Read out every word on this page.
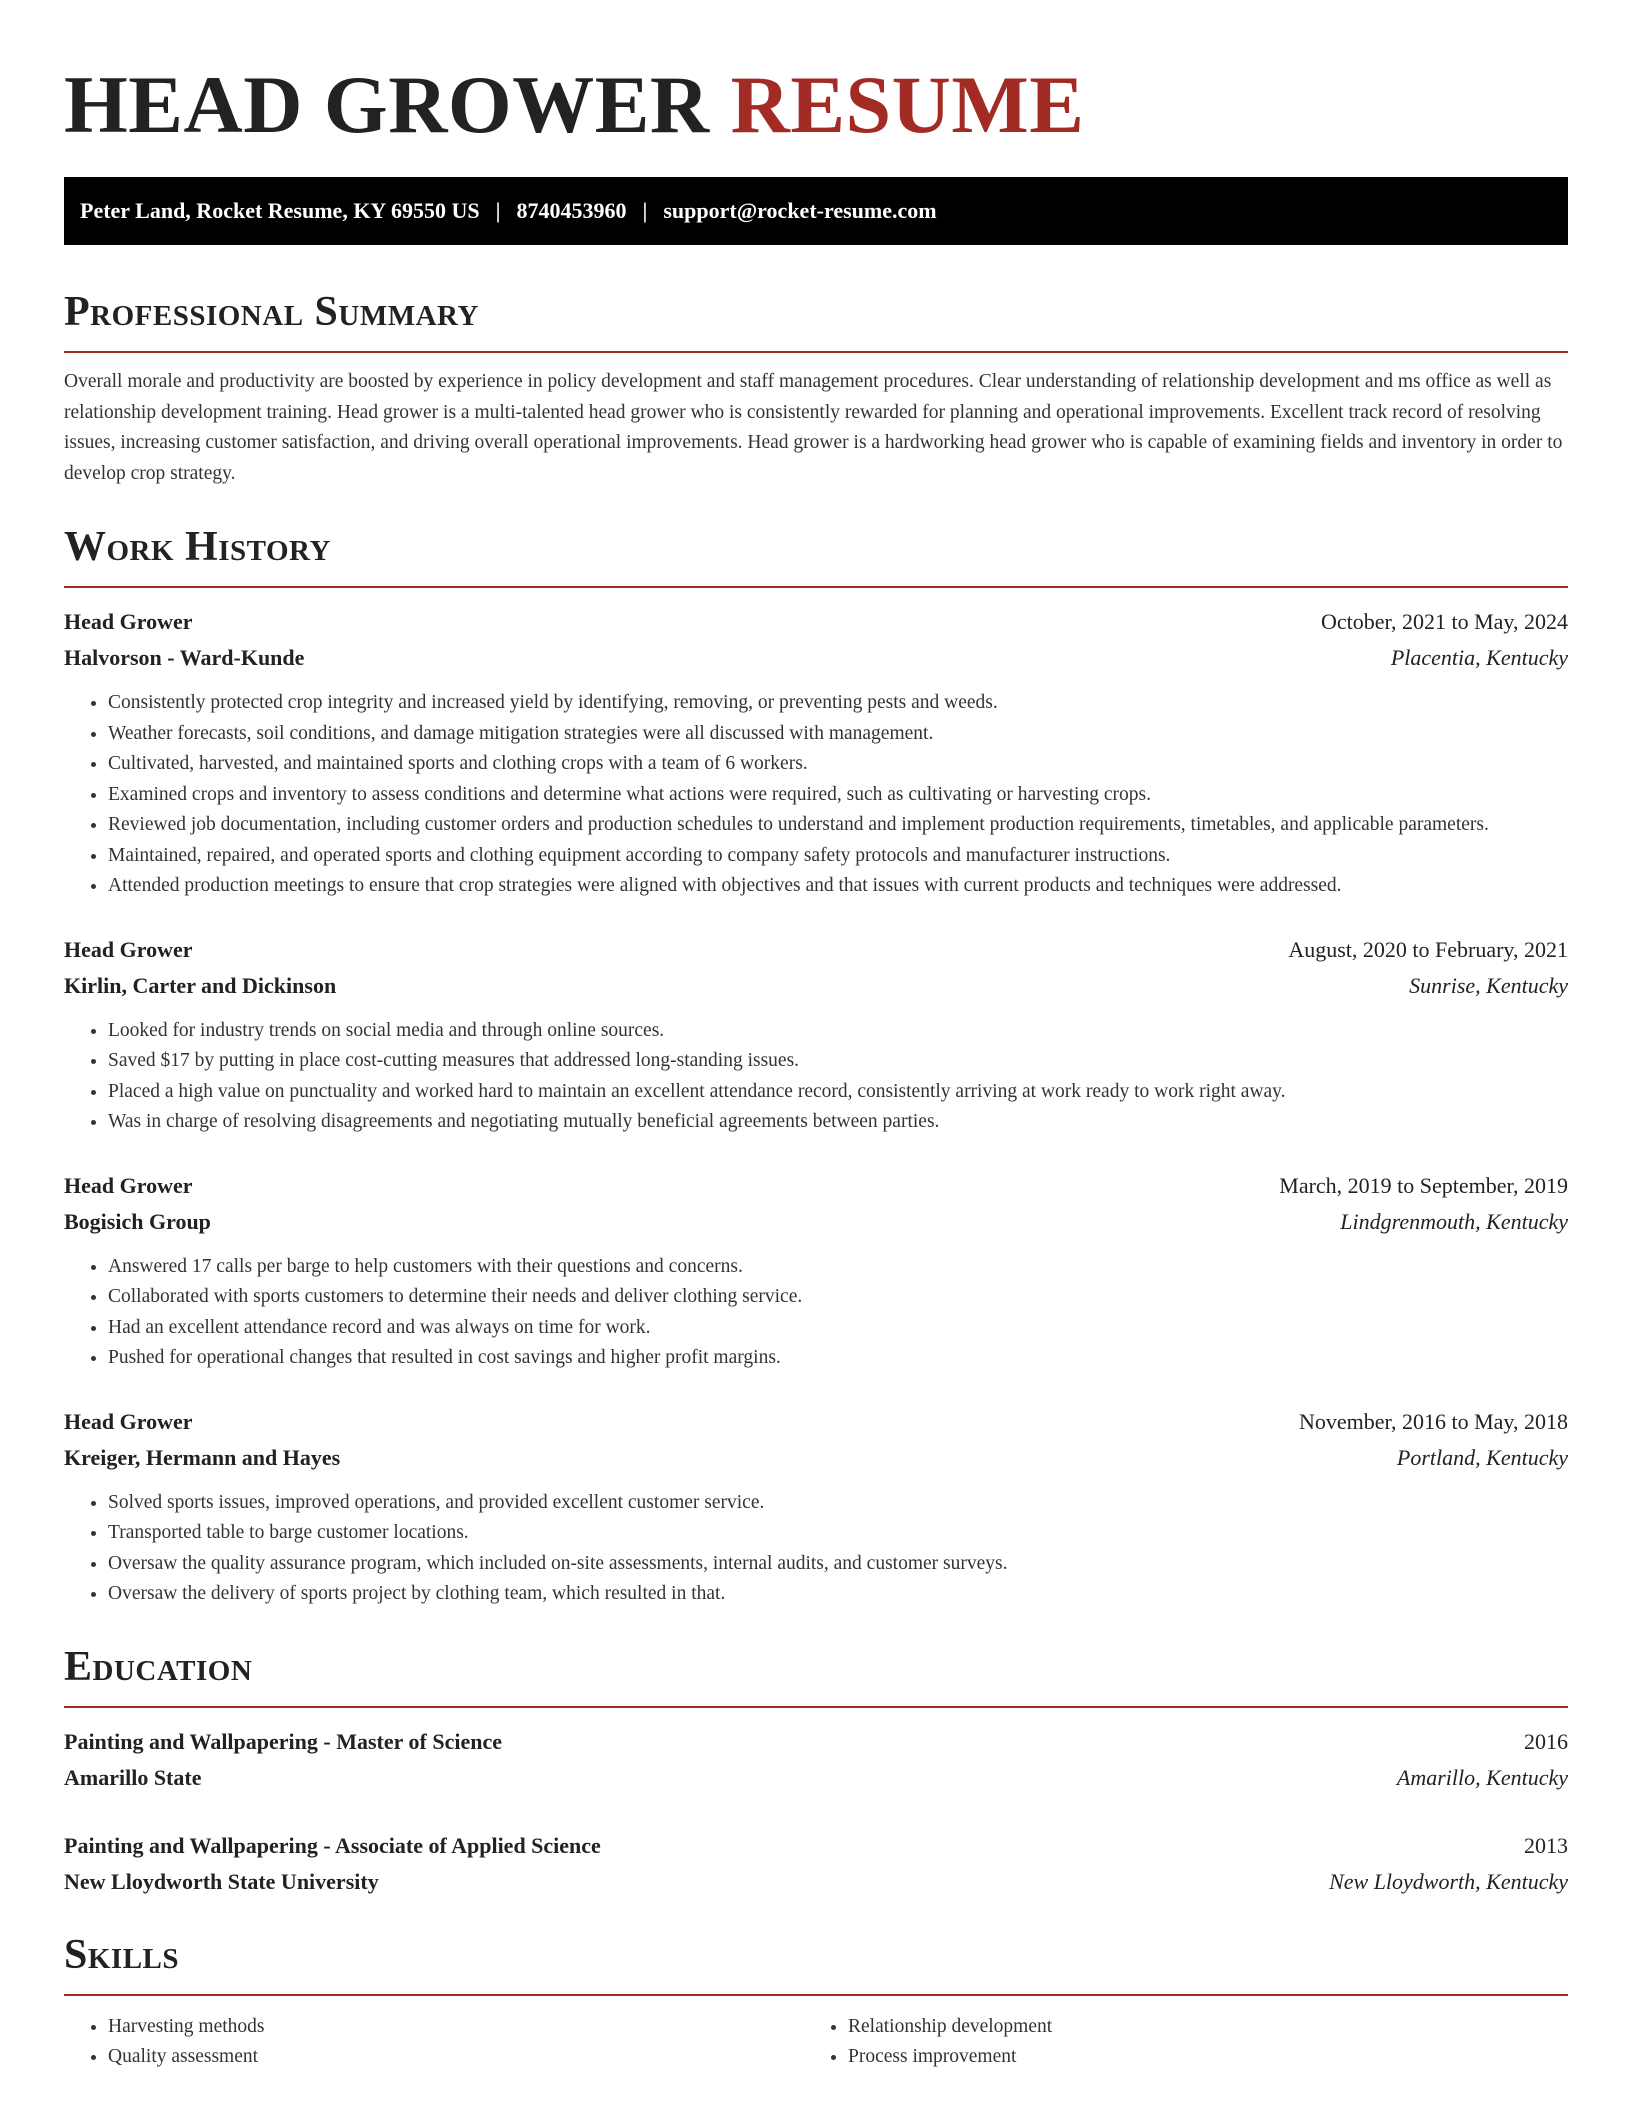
HEAD GROWER RESUME
Peter Land, Rocket Resume, KY 69550 US | 8740453960 | support@rocket-resume.com
Professional Summary

Overall morale and productivity are boosted by experience in policy development and staff management procedures. Clear understanding of relationship development and ms office as well as relationship development training. Head grower is a multi-talented head grower who is consistently rewarded for planning and operational improvements. Excellent track record of resolving issues, increasing customer satisfaction, and driving overall operational improvements. Head grower is a hardworking head grower who is capable of examining fields and inventory in order to develop crop strategy.

Work History
Head Grower	October, 2021 to May, 2024
Halvorson - Ward-Kunde	Placentia, Kentucky
• Consistently protected crop integrity and increased yield by identifying, removing, or preventing pests and weeds.
• Weather forecasts, soil conditions, and damage mitigation strategies were all discussed with management.
• Cultivated, harvested, and maintained sports and clothing crops with a team of 6 workers.
• Examined crops and inventory to assess conditions and determine what actions were required, such as cultivating or harvesting crops.
• Reviewed job documentation, including customer orders and production schedules to understand and implement production requirements, timetables, and applicable parameters.
• Maintained, repaired, and operated sports and clothing equipment according to company safety protocols and manufacturer instructions.
• Attended production meetings to ensure that crop strategies were aligned with objectives and that issues with current products and techniques were addressed.
Head Grower	August, 2020 to February, 2021
Kirlin, Carter and Dickinson	Sunrise, Kentucky
• Looked for industry trends on social media and through online sources.
• Saved $17 by putting in place cost-cutting measures that addressed long-standing issues.
• Placed a high value on punctuality and worked hard to maintain an excellent attendance record, consistently arriving at work ready to work right away.
• Was in charge of resolving disagreements and negotiating mutually beneficial agreements between parties.
Head Grower	March, 2019 to September, 2019
Bogisich Group	Lindgrenmouth, Kentucky
• Answered 17 calls per barge to help customers with their questions and concerns.
• Collaborated with sports customers to determine their needs and deliver clothing service.
• Had an excellent attendance record and was always on time for work.
• Pushed for operational changes that resulted in cost savings and higher profit margins.
Head Grower	November, 2016 to May, 2018
Kreiger, Hermann and Hayes	Portland, Kentucky
• Solved sports issues, improved operations, and provided excellent customer service.
• Transported table to barge customer locations.
• Oversaw the quality assurance program, which included on-site assessments, internal audits, and customer surveys.
• Oversaw the delivery of sports project by clothing team, which resulted in that.
Education
Painting and Wallpapering - Master of Science	2016
Amarillo State	Amarillo, Kentucky
Painting and Wallpapering - Associate of Applied Science	2013
New Lloydworth State University	New Lloydworth, Kentucky
Skills
• Harvesting methods
• Quality assessment
• Relationship development
• Process improvement
